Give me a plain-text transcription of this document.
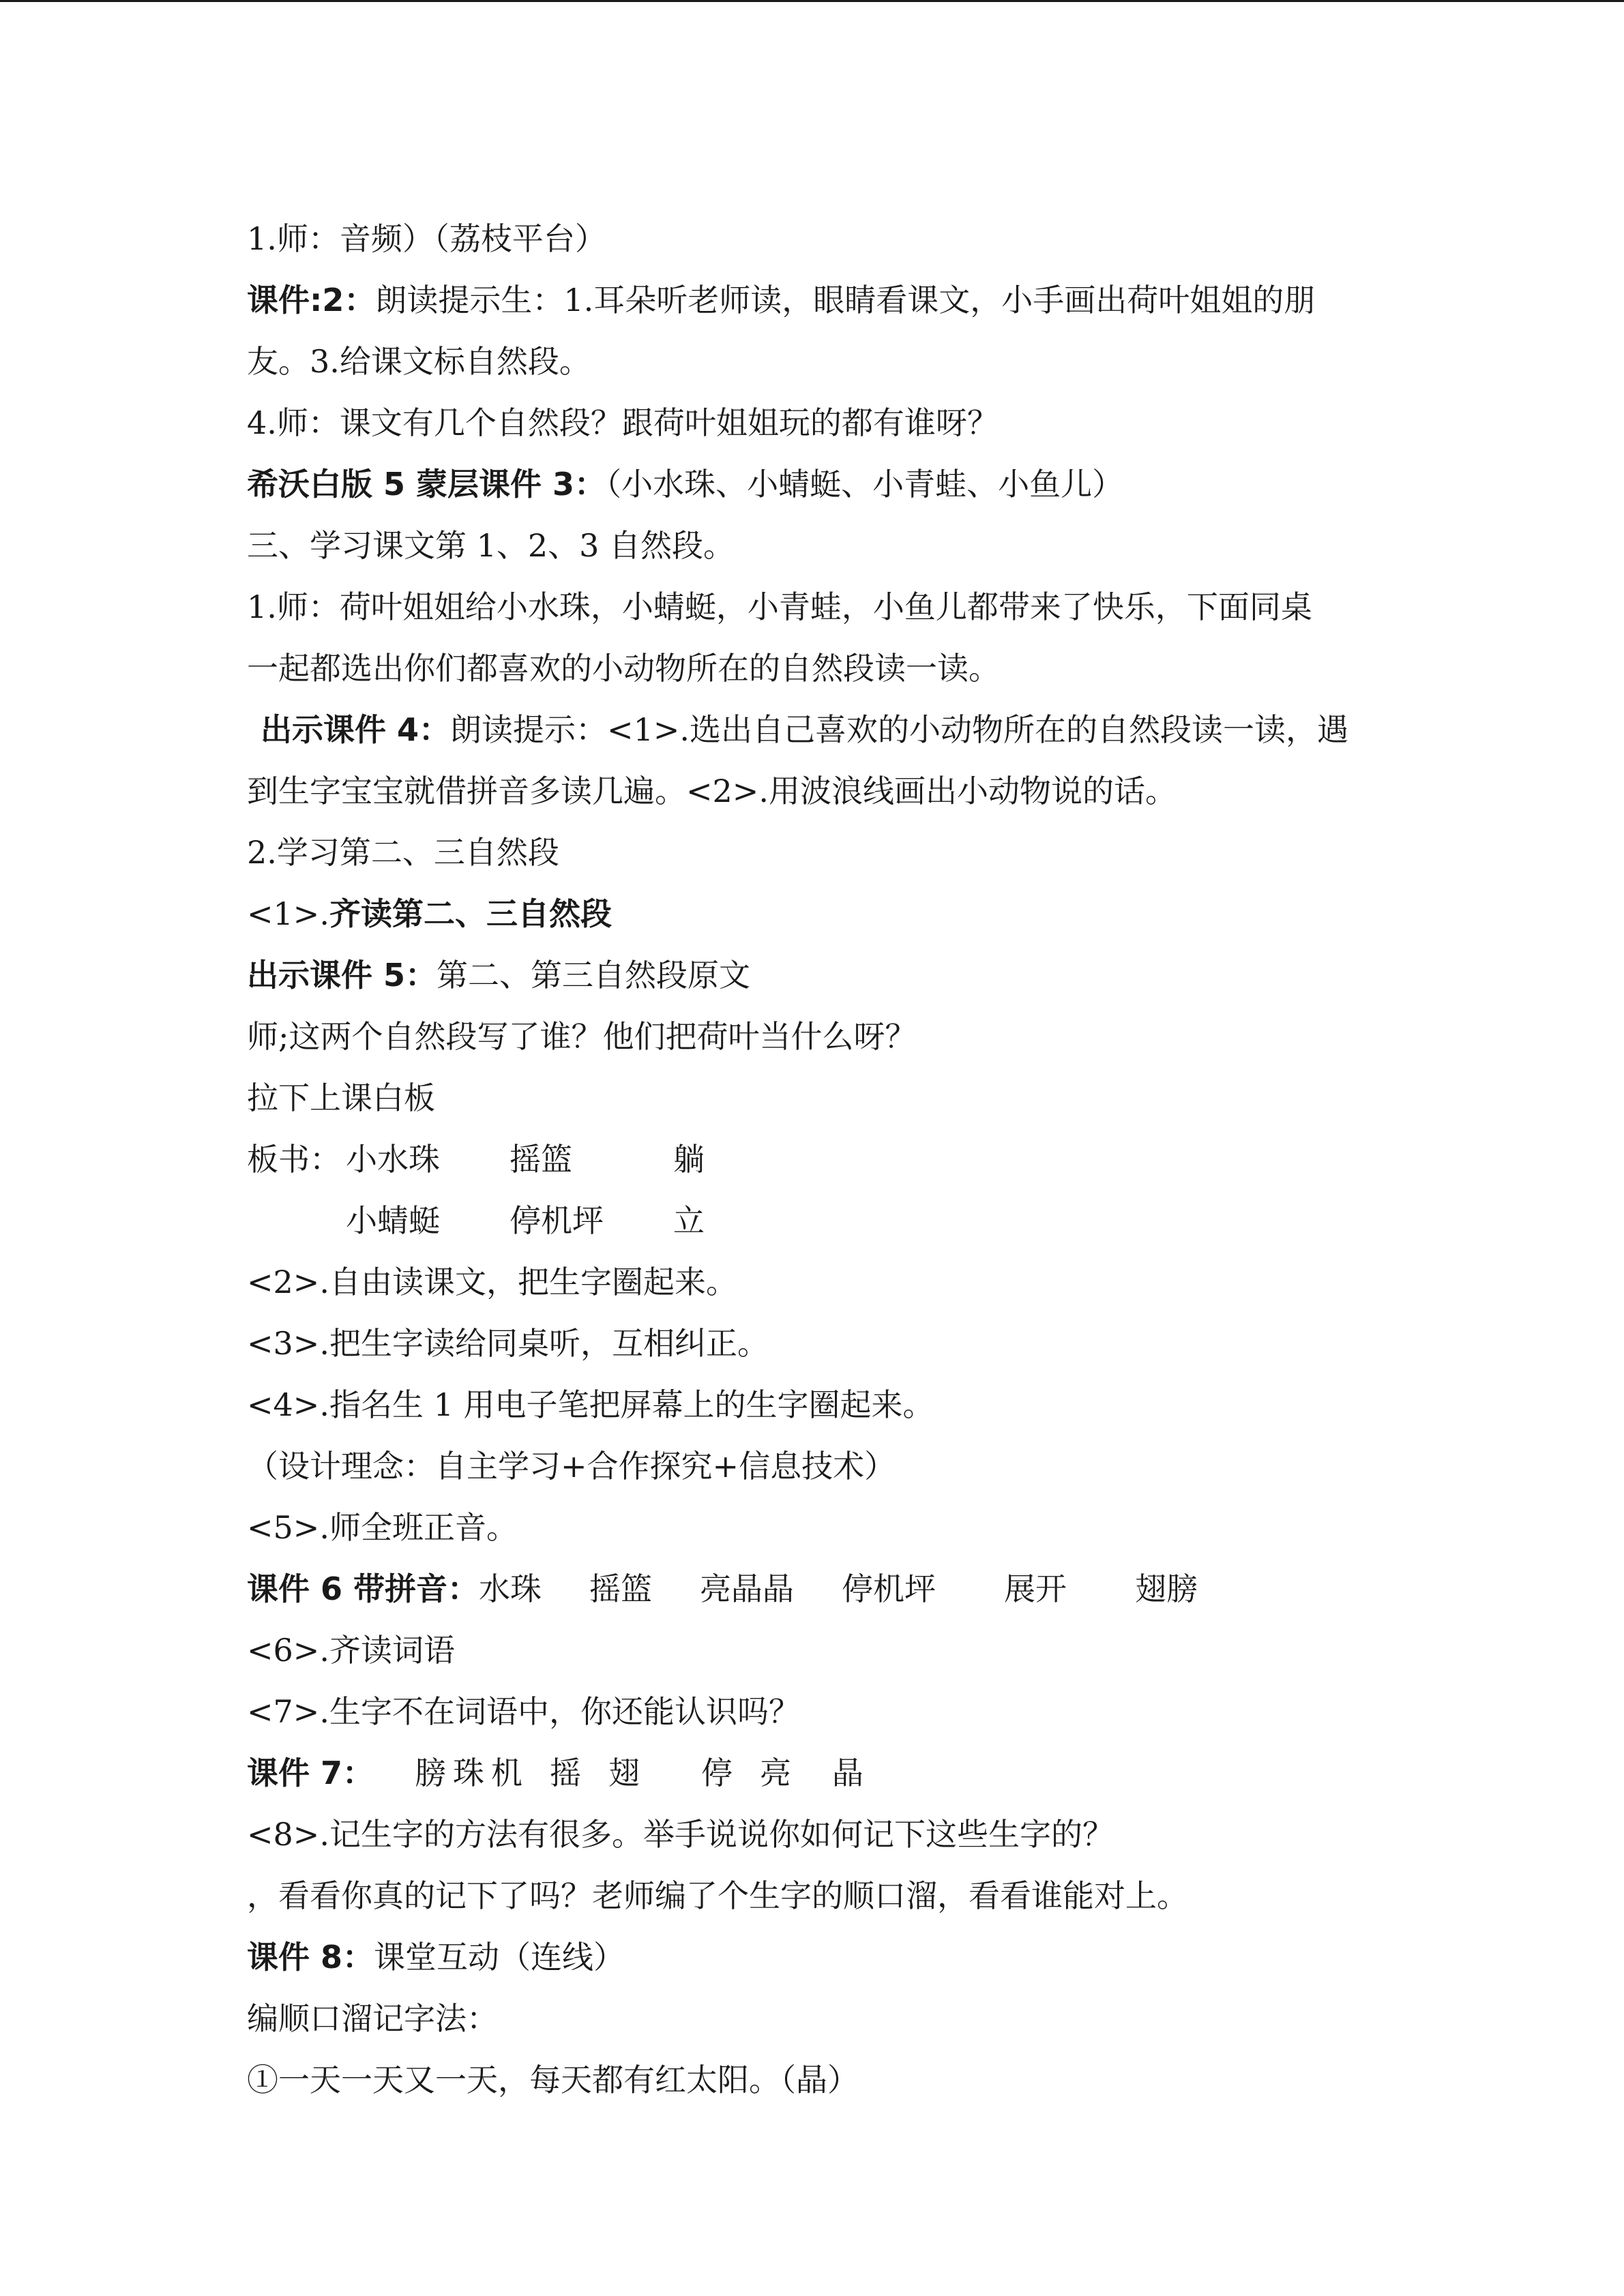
1.师：音频）（荔枝平台）
课件:2：朗读提示生：1.耳朵听老师读，眼睛看课文，小手画出荷叶姐姐的朋
友。3.给课文标自然段。
4.师：课文有几个自然段？跟荷叶姐姐玩的都有谁呀？
希沃白版 5 蒙层课件 3：（小水珠、小蜻蜓、小青蛙、小鱼儿）
三、学习课文第 1、2、3 自然段。
1.师：荷叶姐姐给小水珠，小蜻蜓，小青蛙，小鱼儿都带来了快乐，下面同桌
一起都选出你们都喜欢的小动物所在的自然段读一读。
出示课件 4：朗读提示：<1>.选出自己喜欢的小动物所在的自然段读一读，遇
到生字宝宝就借拼音多读几遍。<2>.用波浪线画出小动物说的话。
2.学习第二、三自然段
<1>.齐读第二、三自然段
出示课件 5：第二、第三自然段原文
师;这两个自然段写了谁？他们把荷叶当什么呀？
拉下上课白板
板书： 小水珠 摇篮	躺
小蜻蜓 停机坪 立
<2>.自由读课文，把生字圈起来。
<3>.把生字读给同桌听，互相纠正。
<4>.指名生 1 用电子笔把屏幕上的生字圈起来。
（设计理念：自主学习+合作探究+信息技术）
<5>.师全班正音。
课件 6 带拼音：水珠 摇篮 亮晶晶 停机坪 展开 翅膀
<6>.齐读词语
<7>.生字不在词语中，你还能认识吗？
课件 7： 膀 珠 机 摇 翅 停 亮 晶
<8>.记生字的方法有很多。举手说说你如何记下这些生字的？
，看看你真的记下了吗？老师编了个生字的顺口溜，看看谁能对上。
课件 8：课堂互动（连线）
编顺口溜记字法：
①一天一天又一天，每天都有红太阳。（晶）
